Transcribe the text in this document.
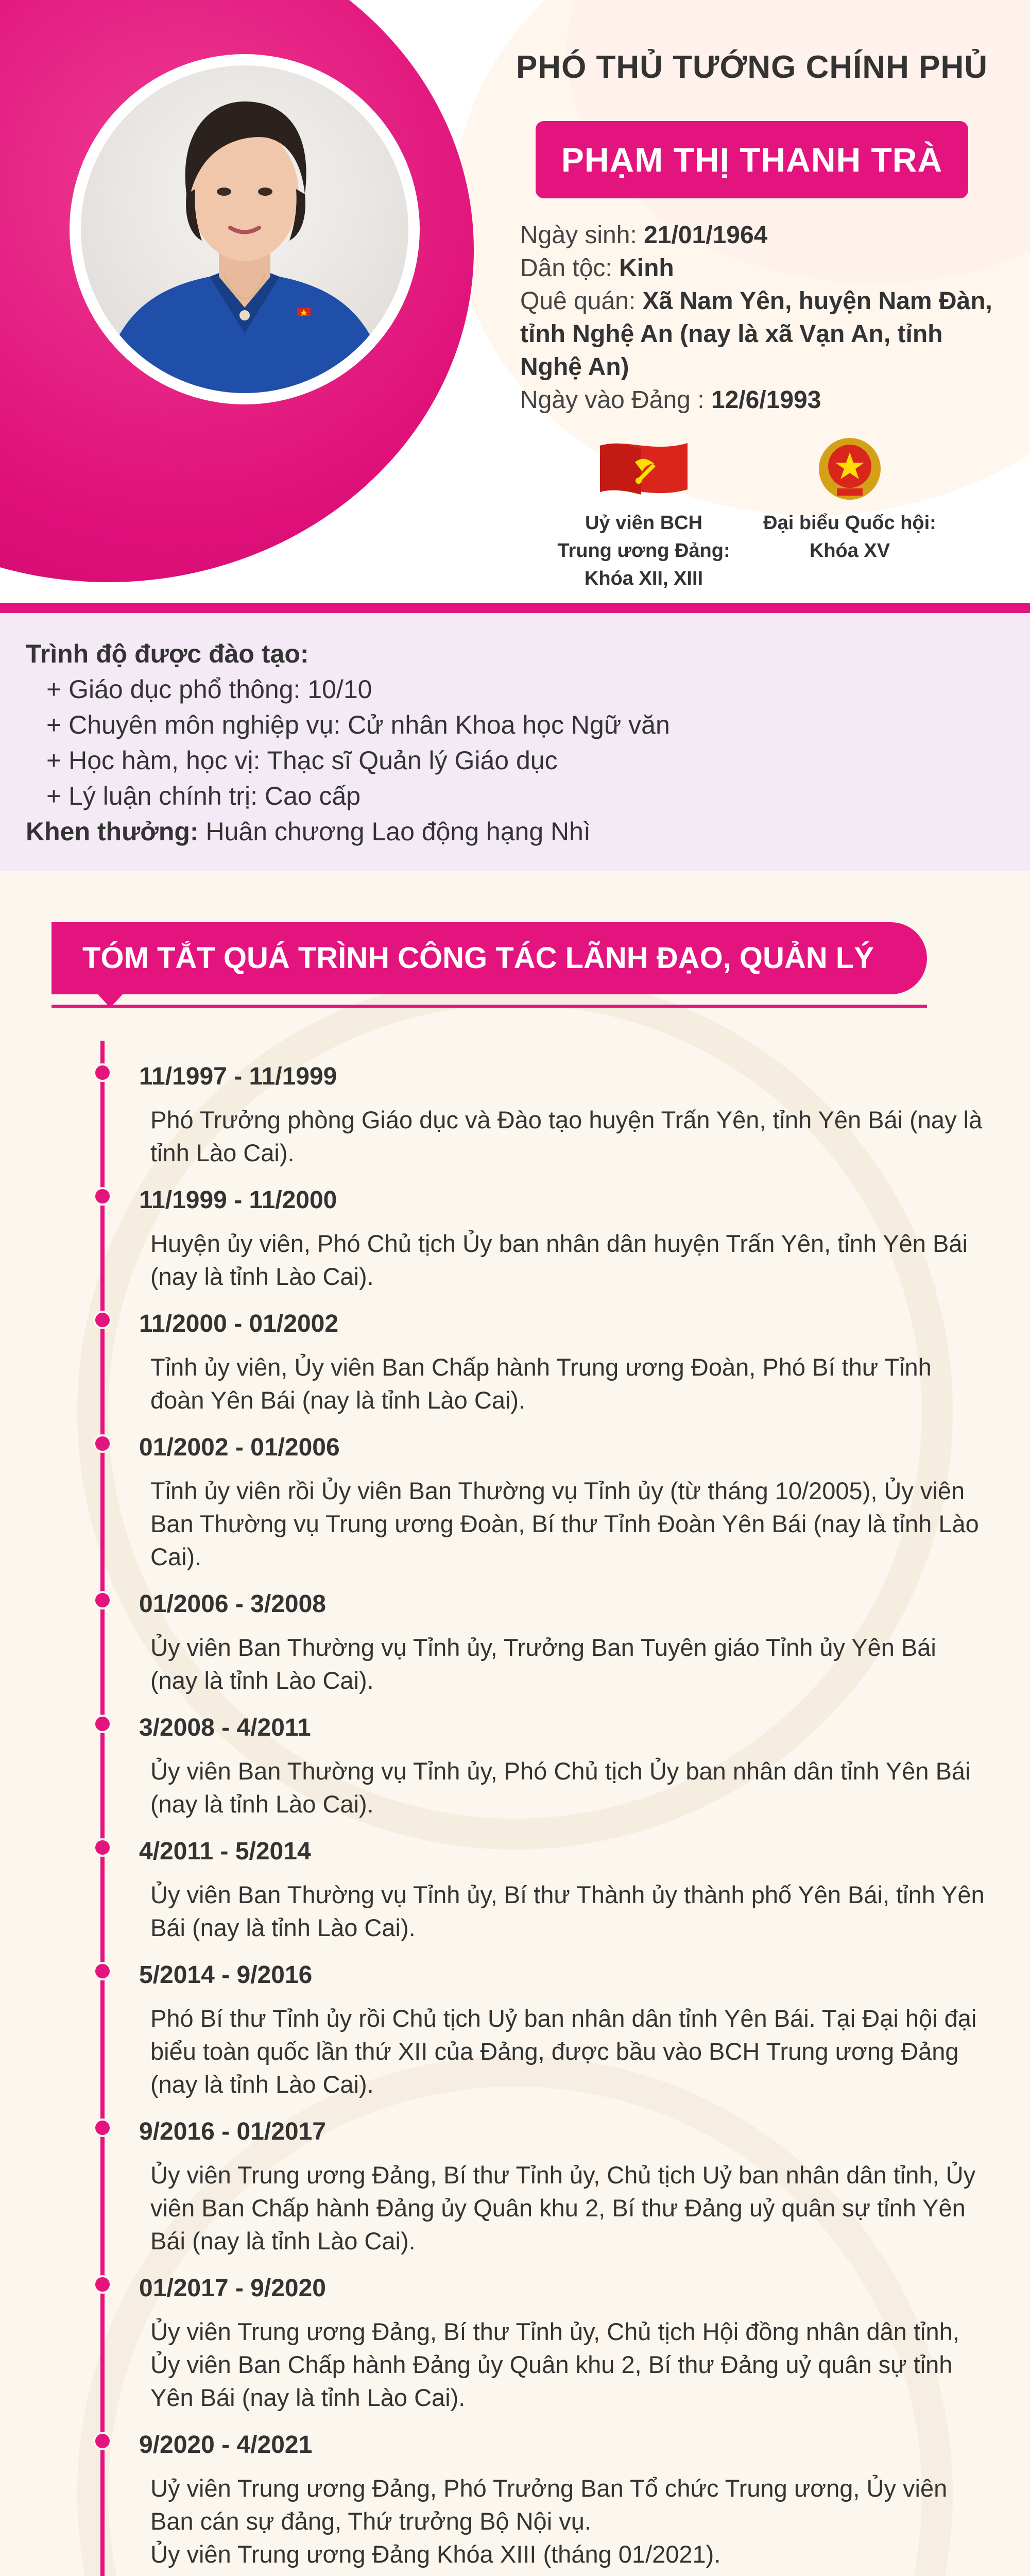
PHÓ THỦ TƯỚNG CHÍNH PHỦ
PHẠM THỊ THANH TRÀ
Ngày sinh: 21/01/1964
Dân tộc: Kinh
Quê quán: Xã Nam Yên, huyện Nam Đàn, tỉnh Nghệ An (nay là xã Vạn An, tỉnh Nghệ An)
Ngày vào Đảng : 12/6/1993
Uỷ viên BCH
Trung ương Đảng:
Khóa XII, XIII
Đại biểu Quốc hội:
Khóa XV
Trình độ được đào tạo:
+ Giáo dục phổ thông: 10/10
+ Chuyên môn nghiệp vụ: Cử nhân Khoa học Ngữ văn
+ Học hàm, học vị: Thạc sĩ Quản lý Giáo dục
+ Lý luận chính trị: Cao cấp
Khen thưởng: Huân chương Lao động hạng Nhì
TÓM TẮT QUÁ TRÌNH CÔNG TÁC LÃNH ĐẠO, QUẢN LÝ
11/1997 - 11/1999
Phó Trưởng phòng Giáo dục và Đào tạo huyện Trấn Yên, tỉnh Yên Bái (nay là tỉnh Lào Cai).
11/1999 - 11/2000
Huyện ủy viên, Phó Chủ tịch Ủy ban nhân dân huyện Trấn Yên, tỉnh Yên Bái (nay là tỉnh Lào Cai).
11/2000 - 01/2002
Tỉnh ủy viên, Ủy viên Ban Chấp hành Trung ương Đoàn, Phó Bí thư Tỉnh đoàn Yên Bái (nay là tỉnh Lào Cai).
01/2002 - 01/2006
Tỉnh ủy viên rồi Ủy viên Ban Thường vụ Tỉnh ủy (từ tháng 10/2005), Ủy viên Ban Thường vụ Trung ương Đoàn, Bí thư Tỉnh Đoàn Yên Bái (nay là tỉnh Lào Cai).
01/2006 - 3/2008
Ủy viên Ban Thường vụ Tỉnh ủy, Trưởng Ban Tuyên giáo Tỉnh ủy Yên Bái (nay là tỉnh Lào Cai).
3/2008 - 4/2011
Ủy viên Ban Thường vụ Tỉnh ủy, Phó Chủ tịch Ủy ban nhân dân tỉnh Yên Bái (nay là tỉnh Lào Cai).
4/2011 - 5/2014
Ủy viên Ban Thường vụ Tỉnh ủy, Bí thư Thành ủy thành phố Yên Bái, tỉnh Yên Bái (nay là tỉnh Lào Cai).
5/2014 - 9/2016
Phó Bí thư Tỉnh ủy rồi Chủ tịch Uỷ ban nhân dân tỉnh Yên Bái. Tại Đại hội đại biểu toàn quốc lần thứ XII của Đảng, được bầu vào BCH Trung ương Đảng (nay là tỉnh Lào Cai).
9/2016 - 01/2017
Ủy viên Trung ương Đảng, Bí thư Tỉnh ủy, Chủ tịch Uỷ ban nhân dân tỉnh, Ủy viên Ban Chấp hành Đảng ủy Quân khu 2, Bí thư Đảng uỷ quân sự tỉnh Yên Bái (nay là tỉnh Lào Cai).
01/2017 - 9/2020
Ủy viên Trung ương Đảng, Bí thư Tỉnh ủy, Chủ tịch Hội đồng nhân dân tỉnh, Ủy viên Ban Chấp hành Đảng ủy Quân khu 2, Bí thư Đảng uỷ quân sự tỉnh Yên Bái (nay là tỉnh Lào Cai).
9/2020 - 4/2021
Uỷ viên Trung ương Đảng, Phó Trưởng Ban Tổ chức Trung ương, Ủy viên Ban cán sự đảng, Thứ trưởng Bộ Nội vụ.
Ủy viên Trung ương Đảng Khóa XIII (tháng 01/2021).
